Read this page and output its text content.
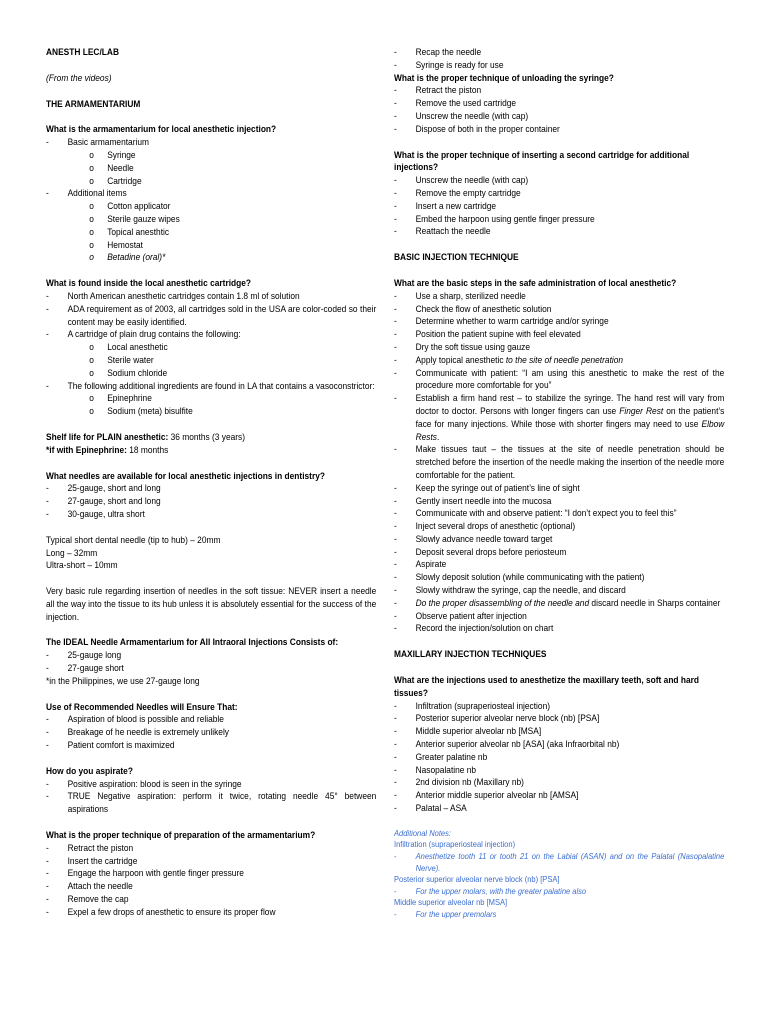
ANESTH LEC/LAB

(From the videos)

THE ARMAMENTARIUM

What is the armamentarium for local anesthetic injection?

- Basic armamentarium
o Syringe
o Needle
o Cartridge
- Additional items
o Cotton applicator
o Sterile gauze wipes
o Topical anesthtic
o Hemostat
o Betadine (oral)*

What is found inside the local anesthetic cartridge?

- North American anesthetic cartridges contain 1.8 ml of solution
- ADA requirement as of 2003, all cartridges sold in the USA are color-coded so their content may be easily identified.
- A cartridge of plain drug contains the following:
o Local anesthetic
o Sterile water
o Sodium chloride
- The following additional ingredients are found in LA that contains a vasoconstrictor:
o Epinephrine
o Sodium (meta) bisulfite

Shelf life for PLAIN anesthetic: 36 months (3 years)

*if with Epinephrine: 18 months

What needles are available for local anesthetic injections in dentistry?

- 25-gauge, short and long
- 27-gauge, short and long
- 30-gauge, ultra short

Typical short dental needle (tip to hub) – 20mm

Long – 32mm

Ultra-short – 10mm

Very basic rule regarding insertion of needles in the soft tissue: NEVER insert a needle all the way into the tissue to its hub unless it is absolutely essential for the success of the injection.

The IDEAL Needle Armamentarium for All Intraoral Injections Consists of:

- 25-gauge long
- 27-gauge short

*in the Philippines, we use 27-gauge long

Use of Recommended Needles will Ensure That:

- Aspiration of blood is possible and reliable
- Breakage of he needle is extremely unlikely
- Patient comfort is maximized

How do you aspirate?

- Positive aspiration: blood is seen in the syringe
- TRUE Negative aspiration: perform it twice, rotating needle 45° between aspirations

What is the proper technique of preparation of the armamentarium?

- Retract the piston
- Insert the cartridge
- Engage the harpoon with gentle finger pressure
- Attach the needle
- Remove the cap
- Expel a few drops of anesthetic to ensure its proper flow
- Recap the needle
- Syringe is ready for use

What is the proper technique of unloading the syringe?

- Retract the piston
- Remove the used cartridge
- Unscrew the needle (with cap)
- Dispose of both in the proper container

What is the proper technique of inserting a second cartridge for additional injections?

- Unscrew the needle (with cap)
- Remove the empty cartridge
- Insert a new cartridge
- Embed the harpoon using gentle finger pressure
- Reattach the needle

BASIC INJECTION TECHNIQUE

What are the basic steps in the safe administration of local anesthetic?

- Use a sharp, sterilized needle
- Check the flow of anesthetic solution
- Determine whether to warm cartridge and/or syringe
- Position the patient supine with feel elevated
- Dry the soft tissue using gauze
- Apply topical anesthetic to the site of needle penetration
- Communicate with patient: “I am using this anesthetic to make the rest of the procedure more comfortable for you”
- Establish a firm hand rest – to stabilize the syringe. The hand rest will vary from doctor to doctor. Persons with longer fingers can use Finger Rest on the patient’s face for many injections. While those with shorter fingers may need to use Elbow Rests.
- Make tissues taut – the tissues at the site of needle penetration should be stretched before the insertion of the needle making the insertion of the needle more comfortable for the patient.
- Keep the syringe out of patient’s line of sight
- Gently insert needle into the mucosa
- Communicate with and observe patient: “I don’t expect you to feel this”
- Inject several drops of anesthetic (optional)
- Slowly advance needle toward target
- Deposit several drops before periosteum
- Aspirate
- Slowly deposit solution (while communicating with the patient)
- Slowly withdraw the syringe, cap the needle, and discard
- Do the proper disassembling of the needle and discard needle in Sharps container
- Observe patient after injection
- Record the injection/solution on chart

MAXILLARY INJECTION TECHNIQUES

What are the injections used to anesthetize the maxillary teeth, soft and hard tissues?

- Infiltration (supraperiosteal injection)
- Posterior superior alveolar nerve block (nb) [PSA]
- Middle superior alveolar nb [MSA]
- Anterior superior alveolar nb [ASA] (aka Infraorbital nb)
- Greater palatine nb
- Nasopalatine nb
- 2nd division nb (Maxillary nb)
- Anterior middle superior alveolar nb [AMSA]
- Palatal – ASA

Additional Notes:

Infiltration (supraperiosteal injection)

- Anesthetize tooth 11 or tooth 21 on the Labial (ASAN) and on the Palatal (Nasopalatine Nerve).

Posterior superior alveolar nerve block (nb) [PSA]

- For the upper molars, with the greater palatine also

Middle superior alveolar nb [MSA]

- For the upper premolars
